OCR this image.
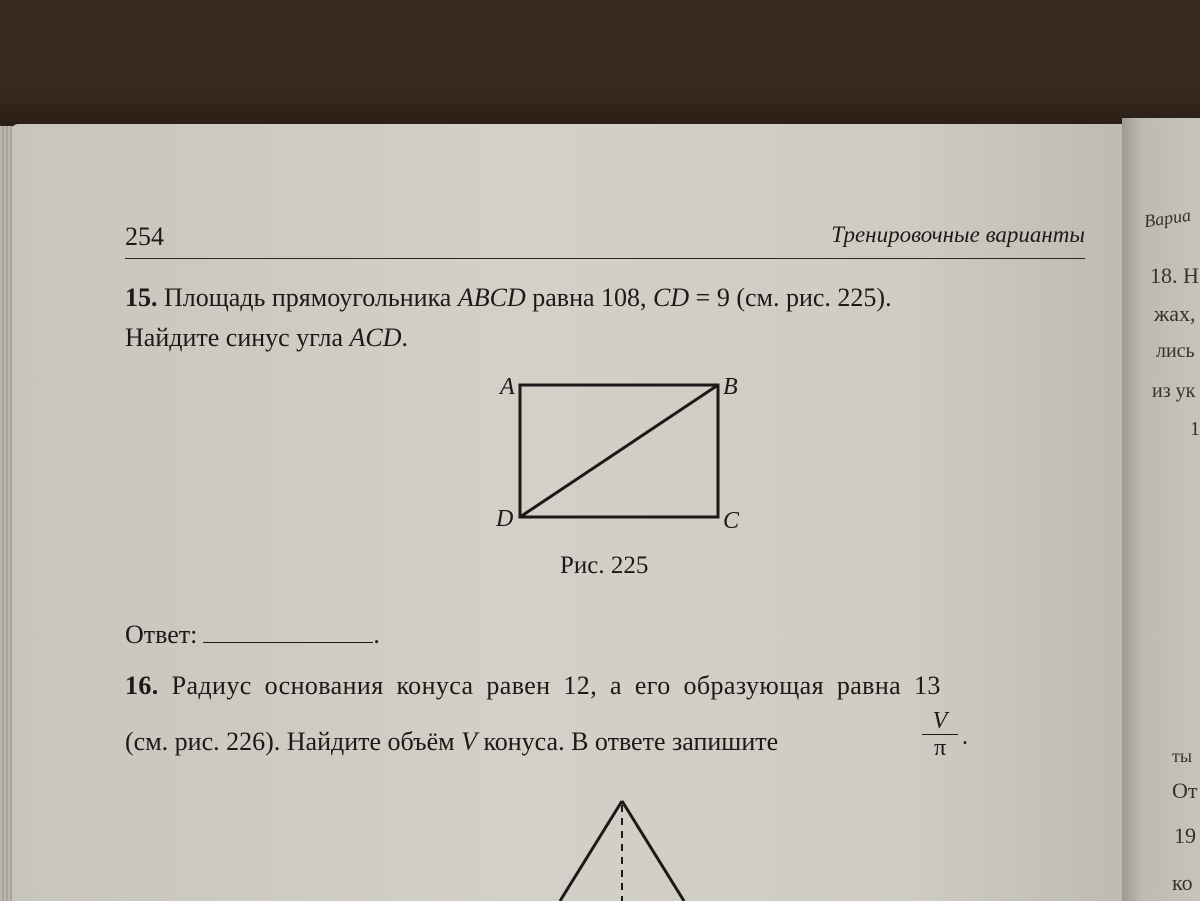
Вариа
18. Н
жах,
лись
из ук
1
ты
От
19
ко
254	Тренировочные варианты
15. Площадь прямоугольника ABCD равна 108, CD = 9 (см. рис. 225).
Найдите синус угла ACD.
A	B
C
D
Рис. 225
Ответ:	.
16. Радиус основания конуса равен 12, а его образующая равна 13
(см. рис. 226). Найдите объём V конуса. В ответе запишите
V
π .
